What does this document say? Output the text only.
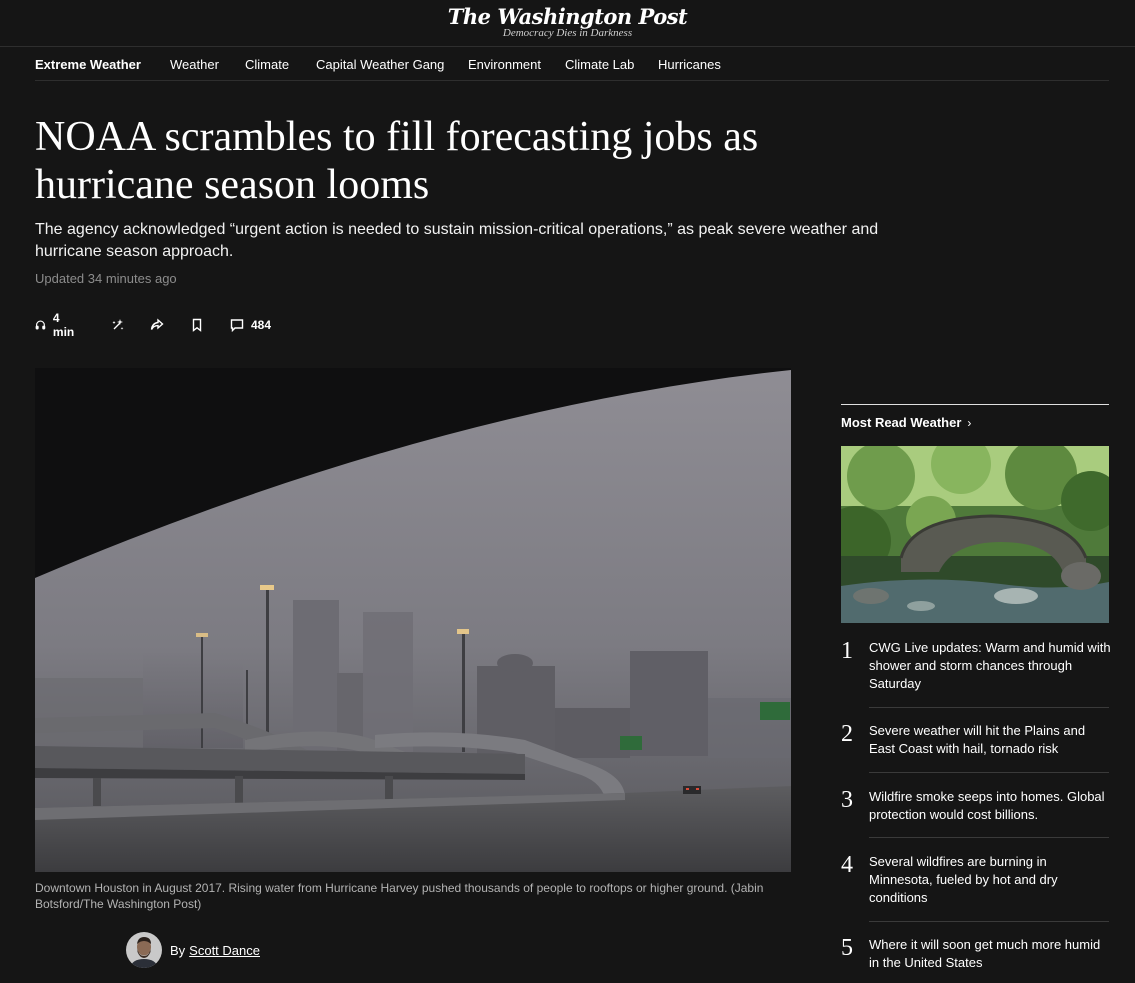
The Washington Post
Democracy Dies in Darkness
Extreme Weather Weather Climate Capital Weather Gang Environment Climate Lab Hurricanes
NOAA scrambles to fill forecasting jobs as hurricane season looms

The agency acknowledged “urgent action is needed to sustain mission-critical operations,” as peak severe weather and hurricane season approach.

Updated 34 minutes ago
4 min	484
Downtown Houston in August 2017. Rising water from Hurricane Harvey pushed thousands of people to rooftops or higher ground. (Jabin Botsford/The Washington Post)
By Scott Dance
Most Read Weather ›
1 CWG Live updates: Warm and humid with shower and storm chances through Saturday
2 Severe weather will hit the Plains and East Coast with hail, tornado risk
3 Wildfire smoke seeps into homes. Global protection would cost billions.
4 Several wildfires are burning in Minnesota, fueled by hot and dry conditions
5 Where it will soon get much more humid in the United States
